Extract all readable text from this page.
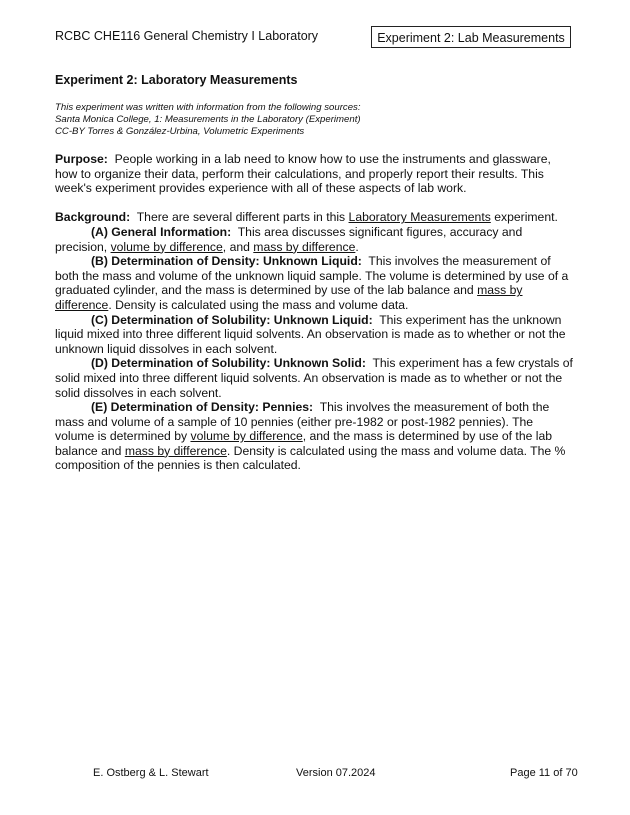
RCBC CHE116 General Chemistry I Laboratory	Experiment 2: Lab Measurements
Experiment 2: Laboratory Measurements
This experiment was written with information from the following sources:
Santa Monica College, 1: Measurements in the Laboratory (Experiment)
CC-BY Torres & González-Urbina, Volumetric Experiments

Purpose: People working in a lab need to know how to use the instruments and glassware, how to organize their data, perform their calculations, and properly report their results. This week's experiment provides experience with all of these aspects of lab work.

Background: There are several different parts in this Laboratory Measurements experiment.

(A) General Information: This area discusses significant figures, accuracy and precision, volume by difference, and mass by difference.

(B) Determination of Density: Unknown Liquid: This involves the measurement of both the mass and volume of the unknown liquid sample. The volume is determined by use of a graduated cylinder, and the mass is determined by use of the lab balance and mass by difference. Density is calculated using the mass and volume data.

(C) Determination of Solubility: Unknown Liquid: This experiment has the unknown liquid mixed into three different liquid solvents. An observation is made as to whether or not the unknown liquid dissolves in each solvent.

(D) Determination of Solubility: Unknown Solid: This experiment has a few crystals of solid mixed into three different liquid solvents. An observation is made as to whether or not the solid dissolves in each solvent.

(E) Determination of Density: Pennies: This involves the measurement of both the mass and volume of a sample of 10 pennies (either pre-1982 or post-1982 pennies). The volume is determined by volume by difference, and the mass is determined by use of the lab balance and mass by difference. Density is calculated using the mass and volume data. The % composition of the pennies is then calculated.

E. Ostberg & L. Stewart	Version 07.2024	Page 11 of 70
